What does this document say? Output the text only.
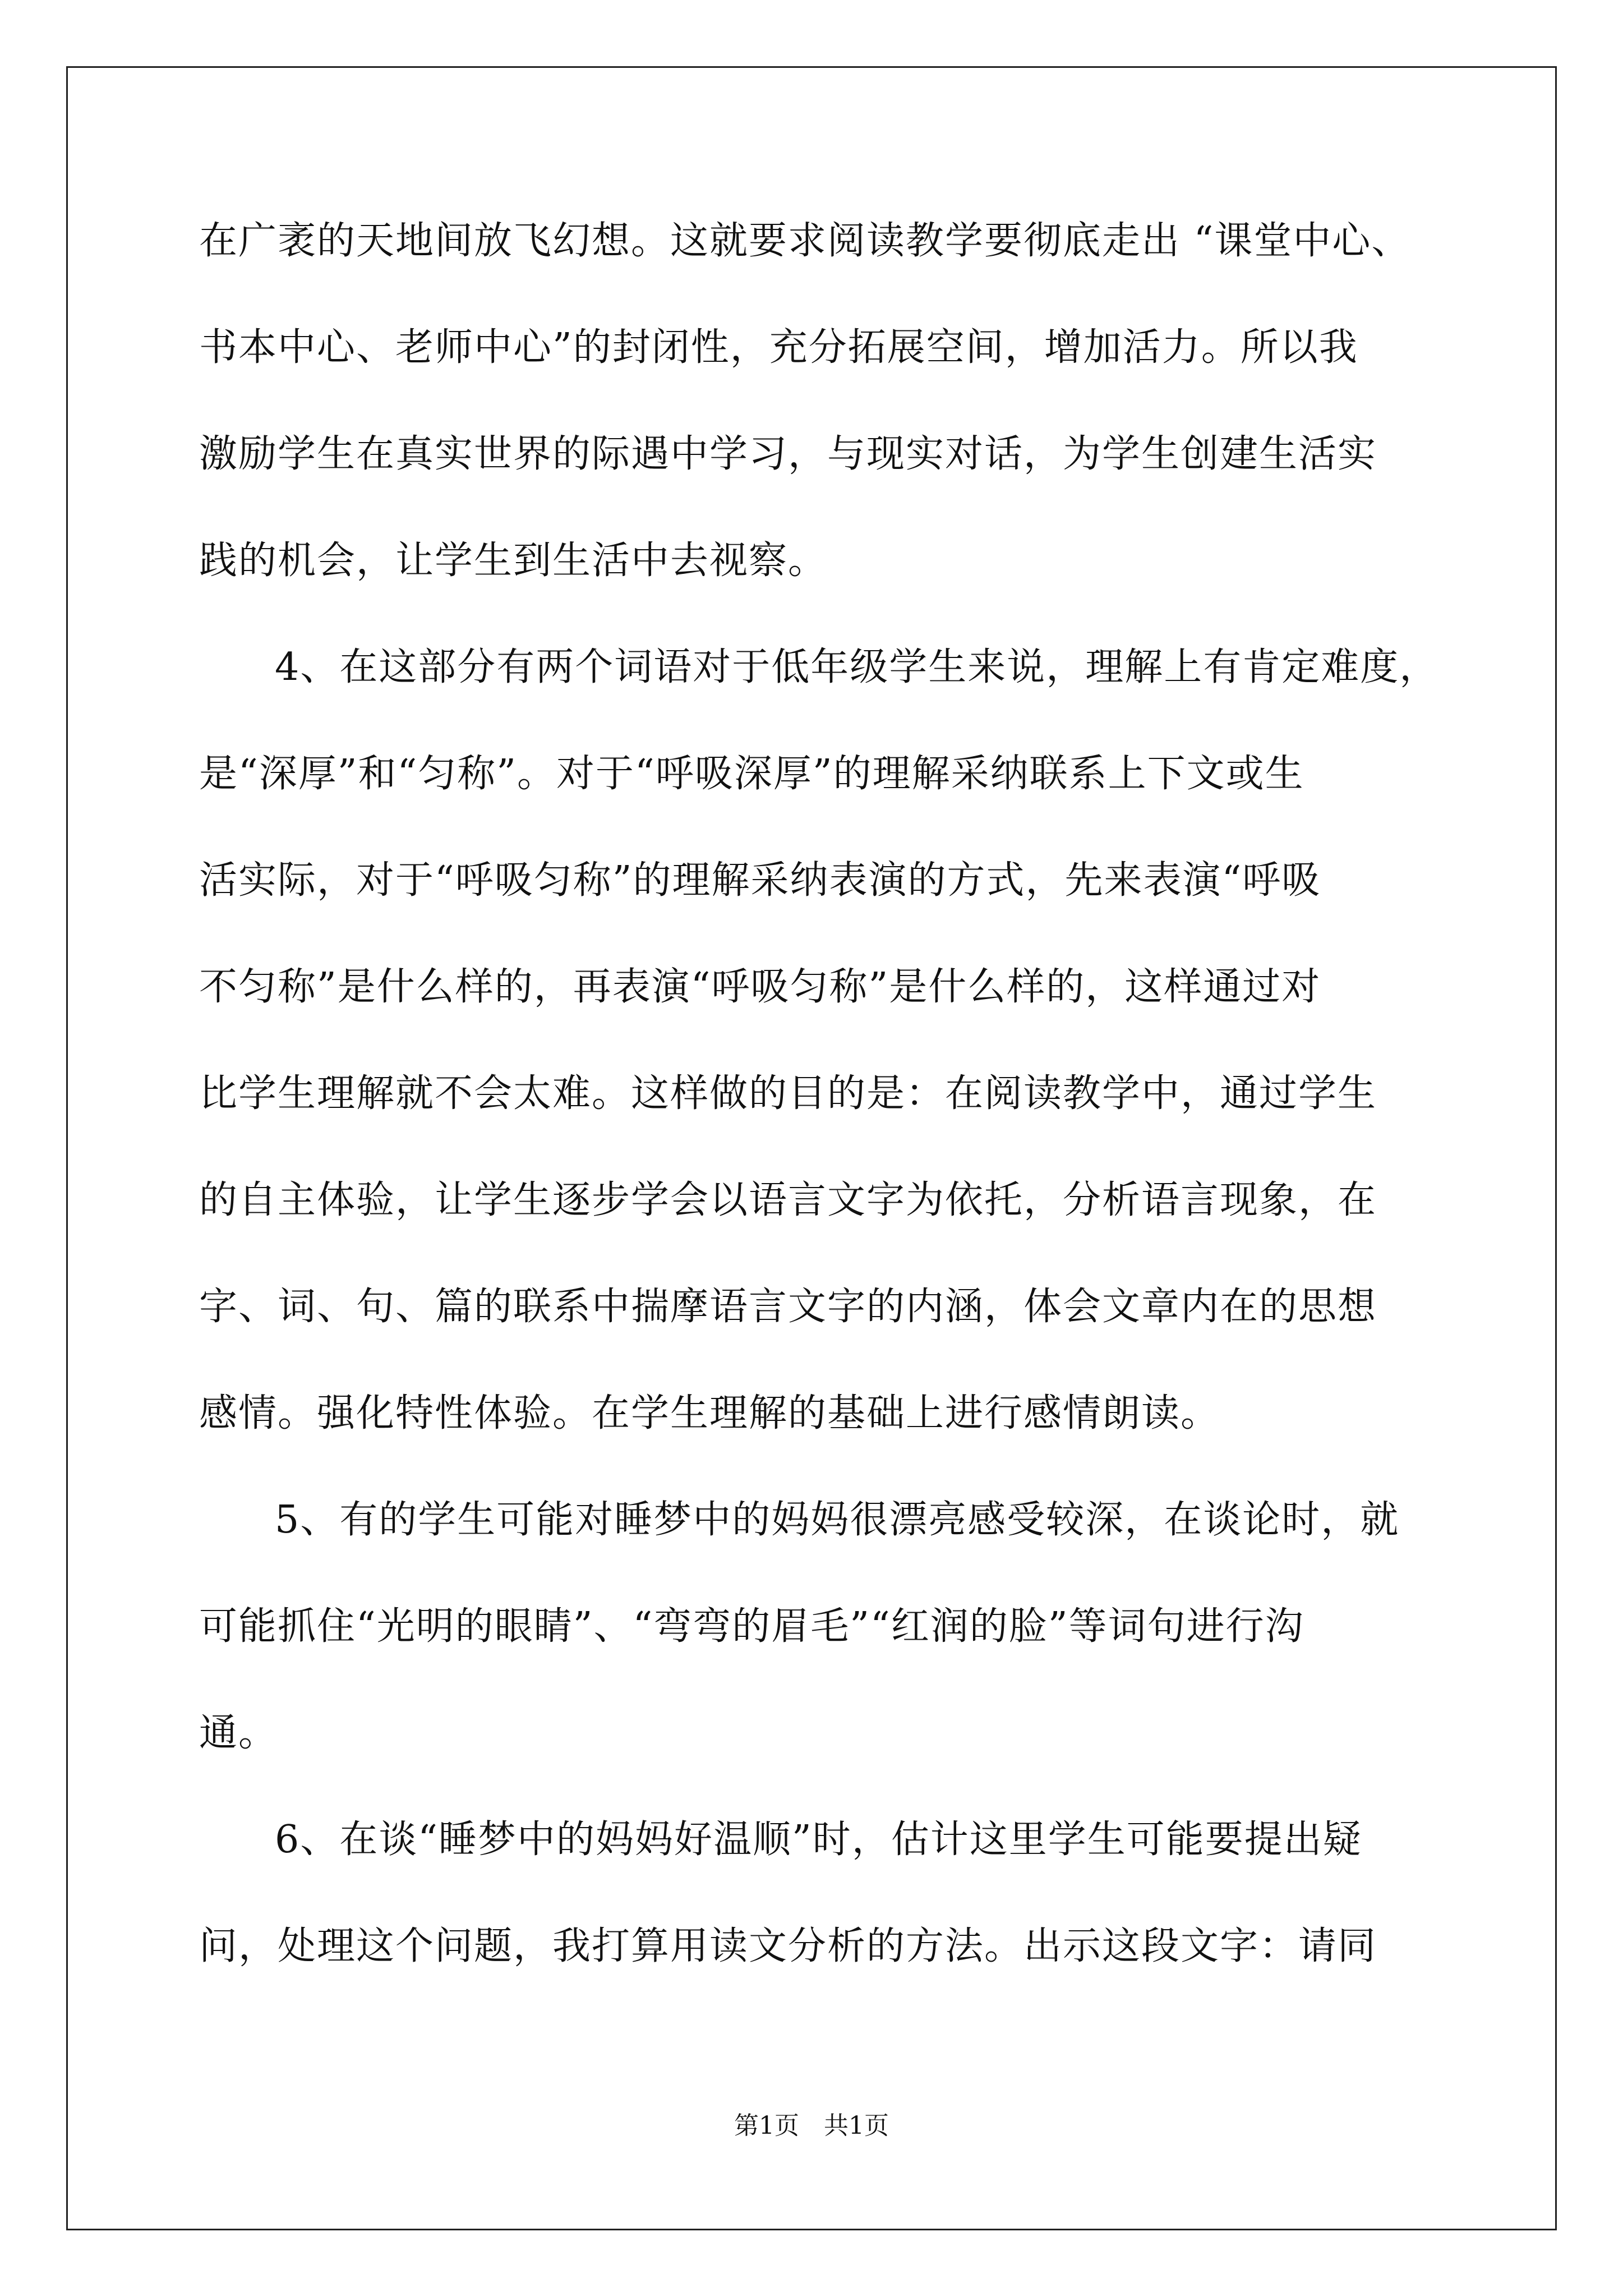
在广袤的天地间放飞幻想。这就要求阅读教学要彻底走出 “课堂中心、
书本中心、老师中心”的封闭性，充分拓展空间，增加活力。所以我
激励学生在真实世界的际遇中学习，与现实对话，为学生创建生活实
践的机会，让学生到生活中去视察。
4、在这部分有两个词语对于低年级学生来说，理解上有肯定难度，
是“深厚”和“匀称”。对于“呼吸深厚”的理解采纳联系上下文或生
活实际，对于“呼吸匀称”的理解采纳表演的方式，先来表演“呼吸
不匀称”是什么样的，再表演“呼吸匀称”是什么样的，这样通过对
比学生理解就不会太难。这样做的目的是：在阅读教学中，通过学生
的自主体验，让学生逐步学会以语言文字为依托，分析语言现象，在
字、词、句、篇的联系中揣摩语言文字的内涵，体会文章内在的思想
感情。强化特性体验。在学生理解的基础上进行感情朗读。
5、有的学生可能对睡梦中的妈妈很漂亮感受较深，在谈论时，就
可能抓住“光明的眼睛”、“弯弯的眉毛”“红润的脸”等词句进行沟
通。
6、在谈“睡梦中的妈妈好温顺”时，估计这里学生可能要提出疑
问，处理这个问题，我打算用读文分析的方法。出示这段文字：请同
第1页　共1页
